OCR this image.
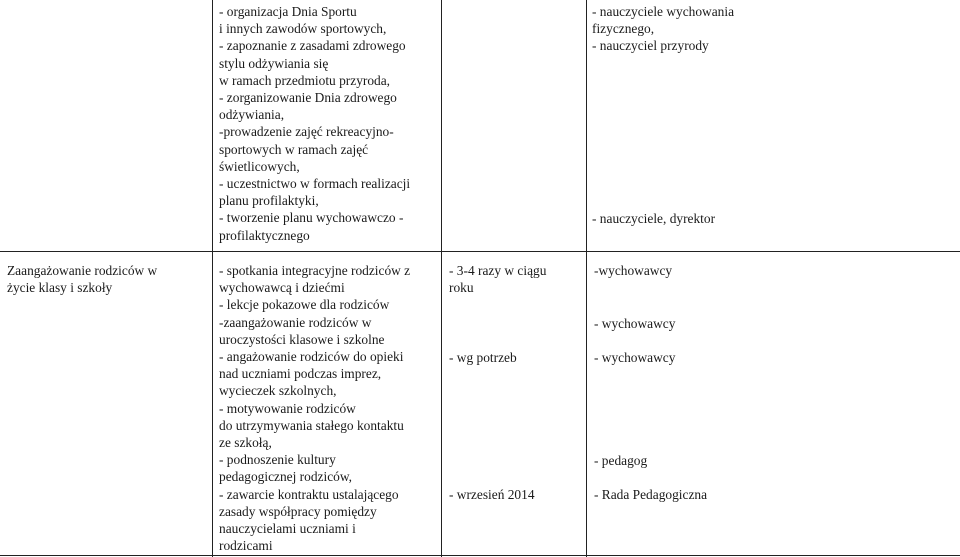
- organizacja Dnia Sportu
i innych zawodów sportowych,
- zapoznanie z zasadami zdrowego
stylu odżywiania się
w ramach przedmiotu przyroda,
- zorganizowanie Dnia zdrowego
odżywiania,
-prowadzenie zajęć rekreacyjno-
sportowych w ramach zajęć
świetlicowych,
- uczestnictwo w formach realizacji
planu profilaktyki,
- tworzenie planu wychowawczo -
profilaktycznego
- nauczyciele wychowania
fizycznego,
- nauczyciel przyrody
- nauczyciele, dyrektor
Zaangażowanie rodziców w
życie klasy i szkoły
- spotkania integracyjne rodziców z
wychowawcą i dziećmi
- lekcje pokazowe dla rodziców
-zaangażowanie rodziców w
uroczystości klasowe i szkolne
- angażowanie rodziców do opieki
nad uczniami podczas imprez,
wycieczek szkolnych,
- motywowanie rodziców
do utrzymywania stałego kontaktu
ze szkołą,
- podnoszenie kultury
pedagogicznej rodziców,
- zawarcie kontraktu ustalającego
zasady współpracy pomiędzy
nauczycielami uczniami i
rodzicami
- 3-4 razy w ciągu
roku
- wg potrzeb
- wrzesień 2014
-wychowawcy
- wychowawcy
- wychowawcy
- pedagog
- Rada Pedagogiczna
